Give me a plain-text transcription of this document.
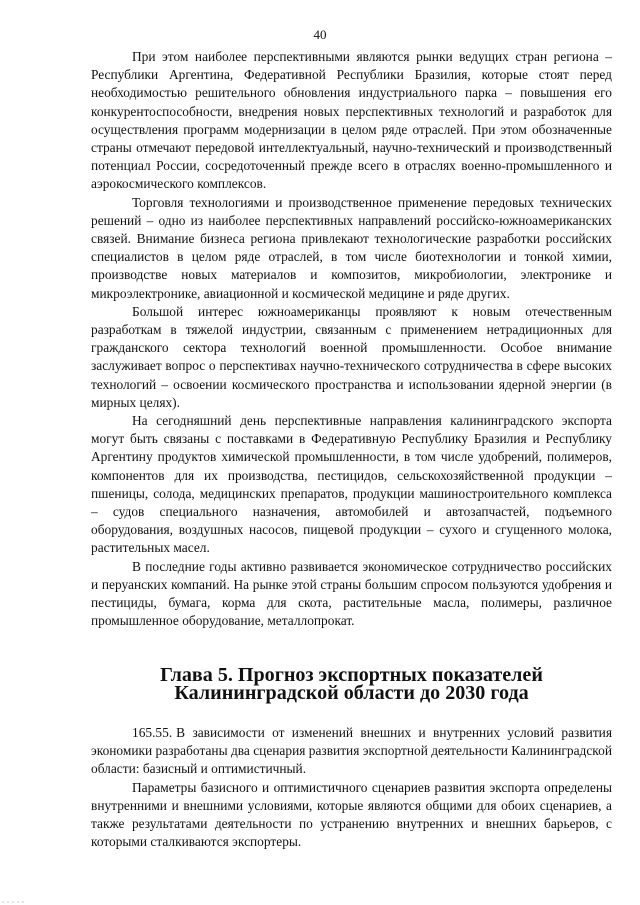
40

При этом наиболее перспективными являются рынки ведущих стран региона – Республики Аргентина, Федеративной Республики Бразилия, которые стоят перед необходимостью решительного обновления индустриального парка – повышения его конкурентоспособности, внедрения новых перспективных технологий и разработок для осуществления программ модернизации в целом ряде отраслей. При этом обозначенные страны отмечают передовой интеллектуальный, научно-технический и производственный потенциал России, сосредоточенный прежде всего в отраслях военно-промышленного и аэрокосмического комплексов.

Торговля технологиями и производственное применение передовых технических решений – одно из наиболее перспективных направлений российско-южноамериканских связей. Внимание бизнеса региона привлекают технологические разработки российских специалистов в целом ряде отраслей, в том числе биотехнологии и тонкой химии, производстве новых материалов и композитов, микробиологии, электронике и микроэлектронике, авиационной и космической медицине и ряде других.

Большой интерес южноамериканцы проявляют к новым отечественным разработкам в тяжелой индустрии, связанным с применением нетрадиционных для гражданского сектора технологий военной промышленности. Особое внимание заслуживает вопрос о перспективах научно-технического сотрудничества в сфере высоких технологий – освоении космического пространства и использовании ядерной энергии (в мирных целях).

На сегодняшний день перспективные направления калининградского экспорта могут быть связаны с поставками в Федеративную Республику Бразилия и Республику Аргентину продуктов химической промышленности, в том числе удобрений, полимеров, компонентов для их производства, пестицидов, сельскохозяйственной продукции – пшеницы, солода, медицинских препаратов, продукции машиностроительного комплекса – судов специального назначения, автомобилей и автозапчастей, подъемного оборудования, воздушных насосов, пищевой продукции – сухого и сгущенного молока, растительных масел.

В последние годы активно развивается экономическое сотрудничество российских и перуанских компаний. На рынке этой страны большим спросом пользуются удобрения и пестициды, бумага, корма для скота, растительные масла, полимеры, различное промышленное оборудование, металлопрокат.

Глава 5. Прогноз экспортных показателей Калининградской области до 2030 года

165.55. В зависимости от изменений внешних и внутренних условий развития экономики разработаны два сценария развития экспортной деятельности Калининградской области: базисный и оптимистичный.

Параметры базисного и оптимистичного сценариев развития экспорта определены внутренними и внешними условиями, которые являются общими для обоих сценариев, а также результатами деятельности по устранению внутренних и внешних барьеров, с которыми сталкиваются экспортеры.
